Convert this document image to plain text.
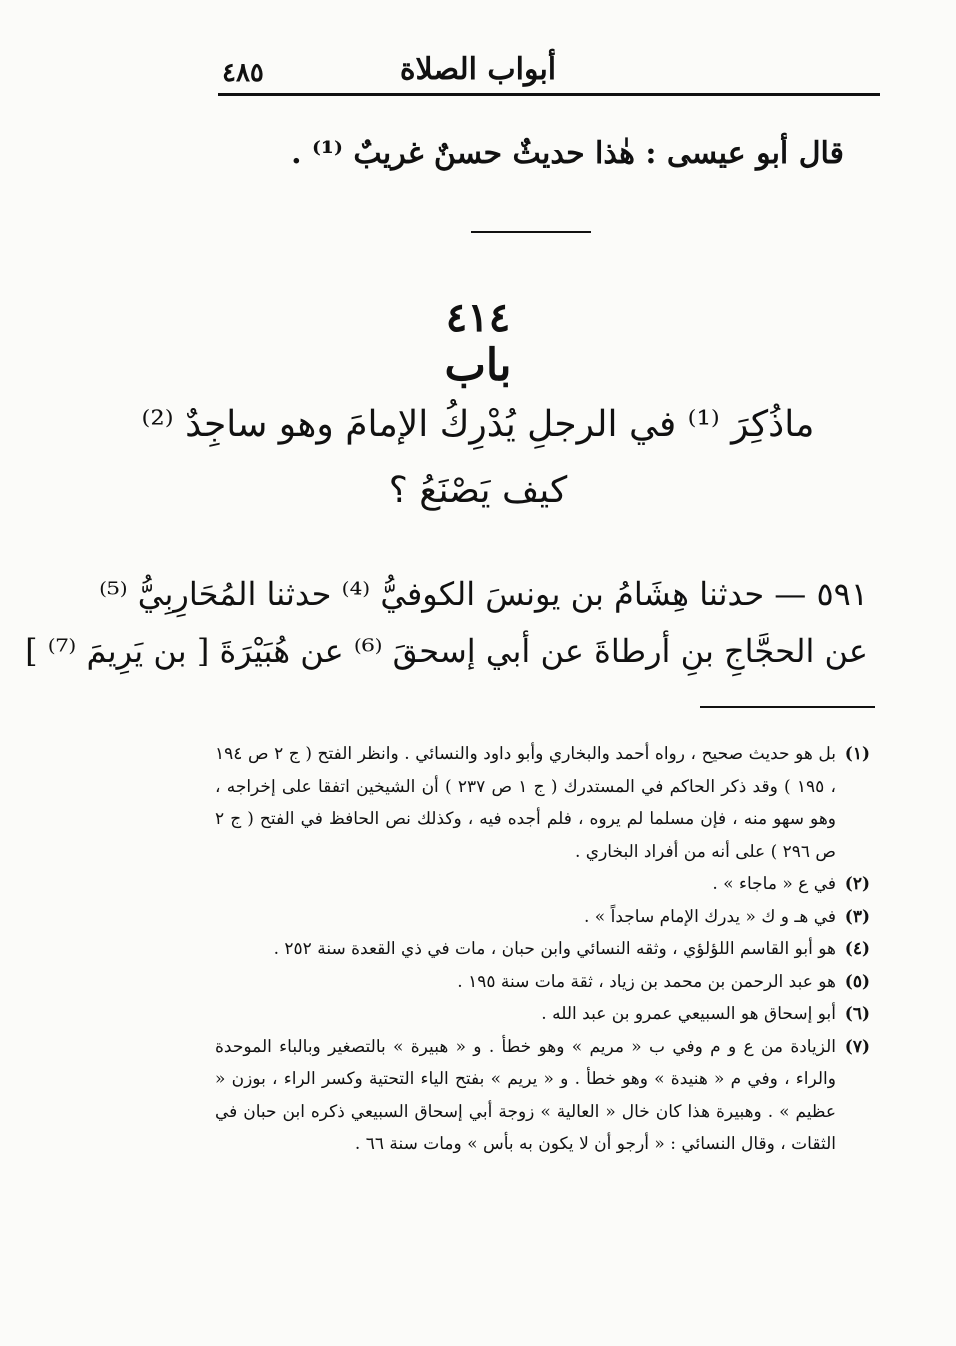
أبواب الصلاة
٤٨٥
قال أبو عيسى : هٰذا حديثٌ حسنٌ غريبٌ ⁽¹⁾ .
٤١٤
باب
ماذُكِرَ ⁽¹⁾ في الرجلِ يُدْرِكُ الإمامَ وهو ساجِدٌ ⁽²⁾
كيف يَصْنَعُ ؟
٥٩١ — حدثنا هِشَامُ بن يونسَ الكوفيُّ ⁽⁴⁾ حدثنا المُحَارِبِيُّ ⁽⁵⁾
عن الحجَّاجِ بنِ أرطاةَ عن أبي إسحقَ ⁽⁶⁾ عن هُبَيْرَةَ [ بن يَرِيمَ ⁽⁷⁾ ]
(١)
بل هو حديث صحيح ، رواه أحمد والبخاري وأبو داود والنسائي . وانظر الفتح ( ج ٢ ص ١٩٤ ، ١٩٥ ) وقد ذكر الحاكم في المستدرك ( ج ١ ص ٢٣٧ ) أن الشيخين اتفقا على إخراجه ، وهو سهو منه ، فإن مسلما لم يروه ، فلم أجده فيه ، وكذلك نص الحافظ في الفتح ( ج ٢ ص ٢٩٦ ) على أنه من أفراد البخاري .
(٢)
في ع « ماجاء » .
(٣)
في هـ و ك « يدرك الإمام ساجداً » .
(٤)
هو أبو القاسم اللؤلؤي ، وثقه النسائي وابن حبان ، مات في ذي القعدة سنة ٢٥٢ .
(٥)
هو عبد الرحمن بن محمد بن زياد ، ثقة مات سنة ١٩٥ .
(٦)
أبو إسحاق هو السبيعي عمرو بن عبد الله .
(٧)
الزيادة من ع و م وفي ب « مريم » وهو خطأ . و « هبيرة » بالتصغير وبالباء الموحدة والراء ، وفي م « هنيدة » وهو خطأ . و « يريم » بفتح الياء التحتية وكسر الراء ، بوزن « عظيم » . وهبيرة هذا كان خال « العالية » زوجة أبي إسحاق السبيعي ذكره ابن حبان في الثقات ، وقال النسائي : « أرجو أن لا يكون به بأس » ومات سنة ٦٦ .
